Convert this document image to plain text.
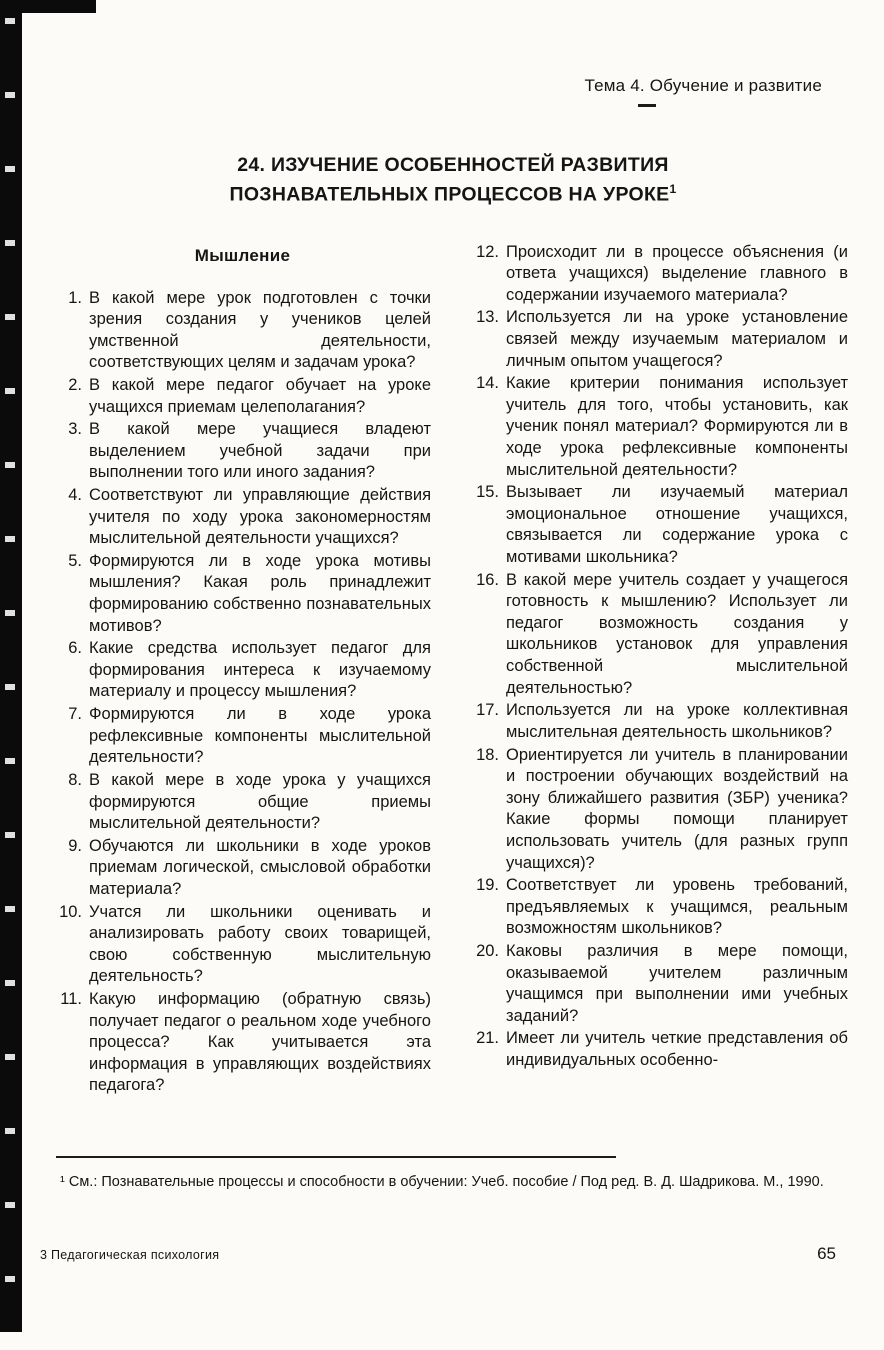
Тема 4. Обучение и развитие
24. ИЗУЧЕНИЕ ОСОБЕННОСТЕЙ РАЗВИТИЯ
ПОЗНАВАТЕЛЬНЫХ ПРОЦЕССОВ НА УРОКЕ$^1$
Мышление
1. В какой мере урок подготовлен с точки зрения создания у учеников целей умственной деятельности, соответствующих целям и задачам урока?
2. В какой мере педагог обучает на уроке учащихся приемам целеполагания?
3. В какой мере учащиеся владеют выделением учебной задачи при выполнении того или иного задания?
4. Соответствуют ли управляющие действия учителя по ходу урока закономерностям мыслительной деятельности учащихся?
5. Формируются ли в ходе урока мотивы мышления? Какая роль принадлежит формированию собственно познавательных мотивов?
6. Какие средства использует педагог для формирования интереса к изучаемому материалу и процессу мышления?
7. Формируются ли в ходе урока рефлексивные компоненты мыслительной деятельности?
8. В какой мере в ходе урока у учащихся формируются общие приемы мыслительной деятельности?
9. Обучаются ли школьники в ходе уроков приемам логической, смысловой обработки материала?
10. Учатся ли школьники оценивать и анализировать работу своих товарищей, свою собственную мыслительную деятельность?
11. Какую информацию (обратную связь) получает педагог о реальном ходе учебного процесса? Как учитывается эта информация в управляющих воздействиях педагога?
12. Происходит ли в процессе объяснения (и ответа учащихся) выделение главного в содержании изучаемого материала?
13. Используется ли на уроке установление связей между изучаемым материалом и личным опытом учащегося?
14. Какие критерии понимания использует учитель для того, чтобы установить, как ученик понял материал? Формируются ли в ходе урока рефлексивные компоненты мыслительной деятельности?
15. Вызывает ли изучаемый материал эмоциональное отношение учащихся, связывается ли содержание урока с мотивами школьника?
16. В какой мере учитель создает у учащегося готовность к мышлению? Использует ли педагог возможность создания у школьников установок для управления собственной мыслительной деятельностью?
17. Используется ли на уроке коллективная мыслительная деятельность школьников?
18. Ориентируется ли учитель в планировании и построении обучающих воздействий на зону ближайшего развития (ЗБР) ученика? Какие формы помощи планирует использовать учитель (для разных групп учащихся)?
19. Соответствует ли уровень требований, предъявляемых к учащимся, реальным возможностям школьников?
20. Каковы различия в мере помощи, оказываемой учителем различным учащимся при выполнении ими учебных заданий?
21. Имеет ли учитель четкие представления об индивидуальных особенно-
¹ См.: Познавательные процессы и способности в обучении: Учеб. пособие / Под ред. В. Д. Шадрикова. М., 1990.
3 Педагогическая психология	65
